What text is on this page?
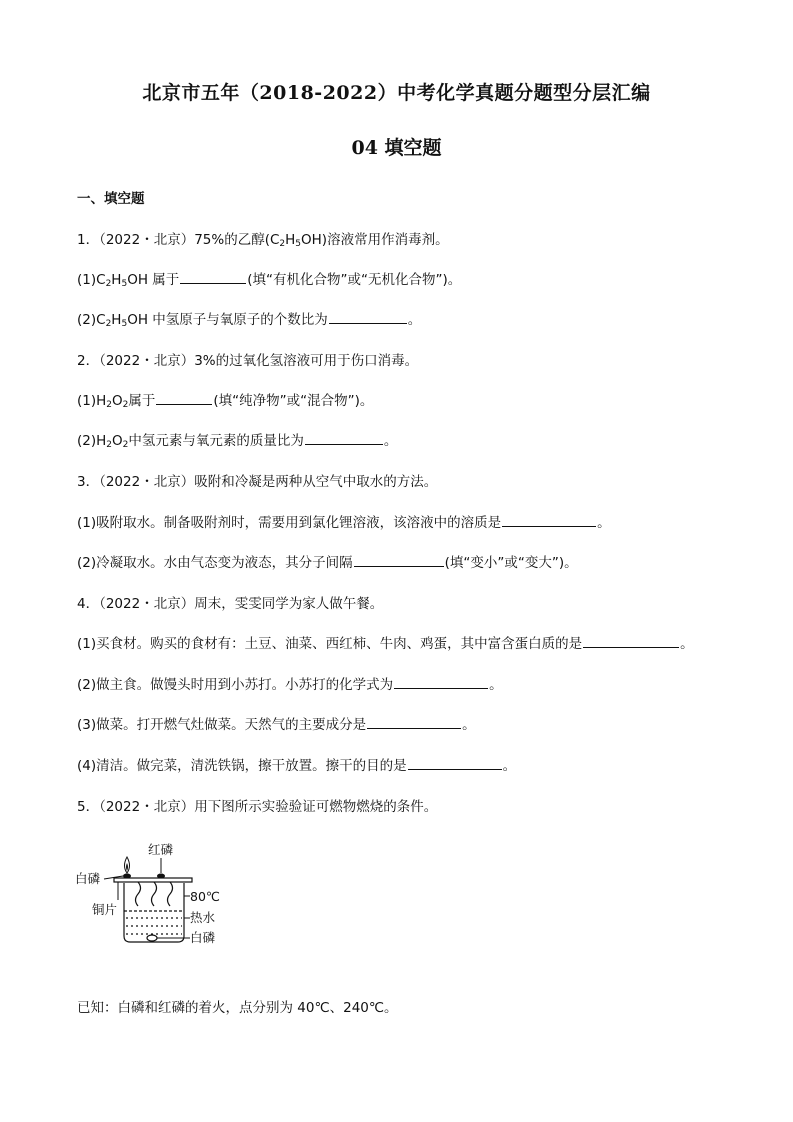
北京市五年（2018-2022）中考化学真题分题型分层汇编
04 填空题
一、填空题
1．（2022・北京）75%的乙醇$(C_2H_5OH)$溶液常用作消毒剂。
$(1)C_2H_5OH$ 属于	(填“有机化合物”或“无机化合物”)。
$(2)C_2H_5OH$ 中氢原子与氧原子的个数比为	。
2．（2022・北京）3%的过氧化氢溶液可用于伤口消毒。
$(1)H_2O_2$属于	(填“纯净物”或“混合物”)。
$(2)H_2O_2$中氢元素与氧元素的质量比为	。
3．（2022・北京）吸附和冷凝是两种从空气中取水的方法。
(1)吸附取水。制备吸附剂时，需要用到氯化锂溶液，该溶液中的溶质是	。
(2)冷凝取水。水由气态变为液态，其分子间隔	(填“变小”或“变大”)。
4．（2022・北京）周末，雯雯同学为家人做午餐。
(1)买食材。购买的食材有：土豆、油菜、西红柿、牛肉、鸡蛋，其中富含蛋白质的是	。
(2)做主食。做馒头时用到小苏打。小苏打的化学式为	。
(3)做菜。打开燃气灶做菜。天然气的主要成分是	。
(4)清洁。做完菜，清洗铁锅，擦干放置。擦干的目的是	。
5．（2022・北京）用下图所示实验验证可燃物燃烧的条件。
红磷
白磷
铜片
80℃
热水
白磷
已知：白磷和红磷的着火，点分别为 40℃、240℃。
